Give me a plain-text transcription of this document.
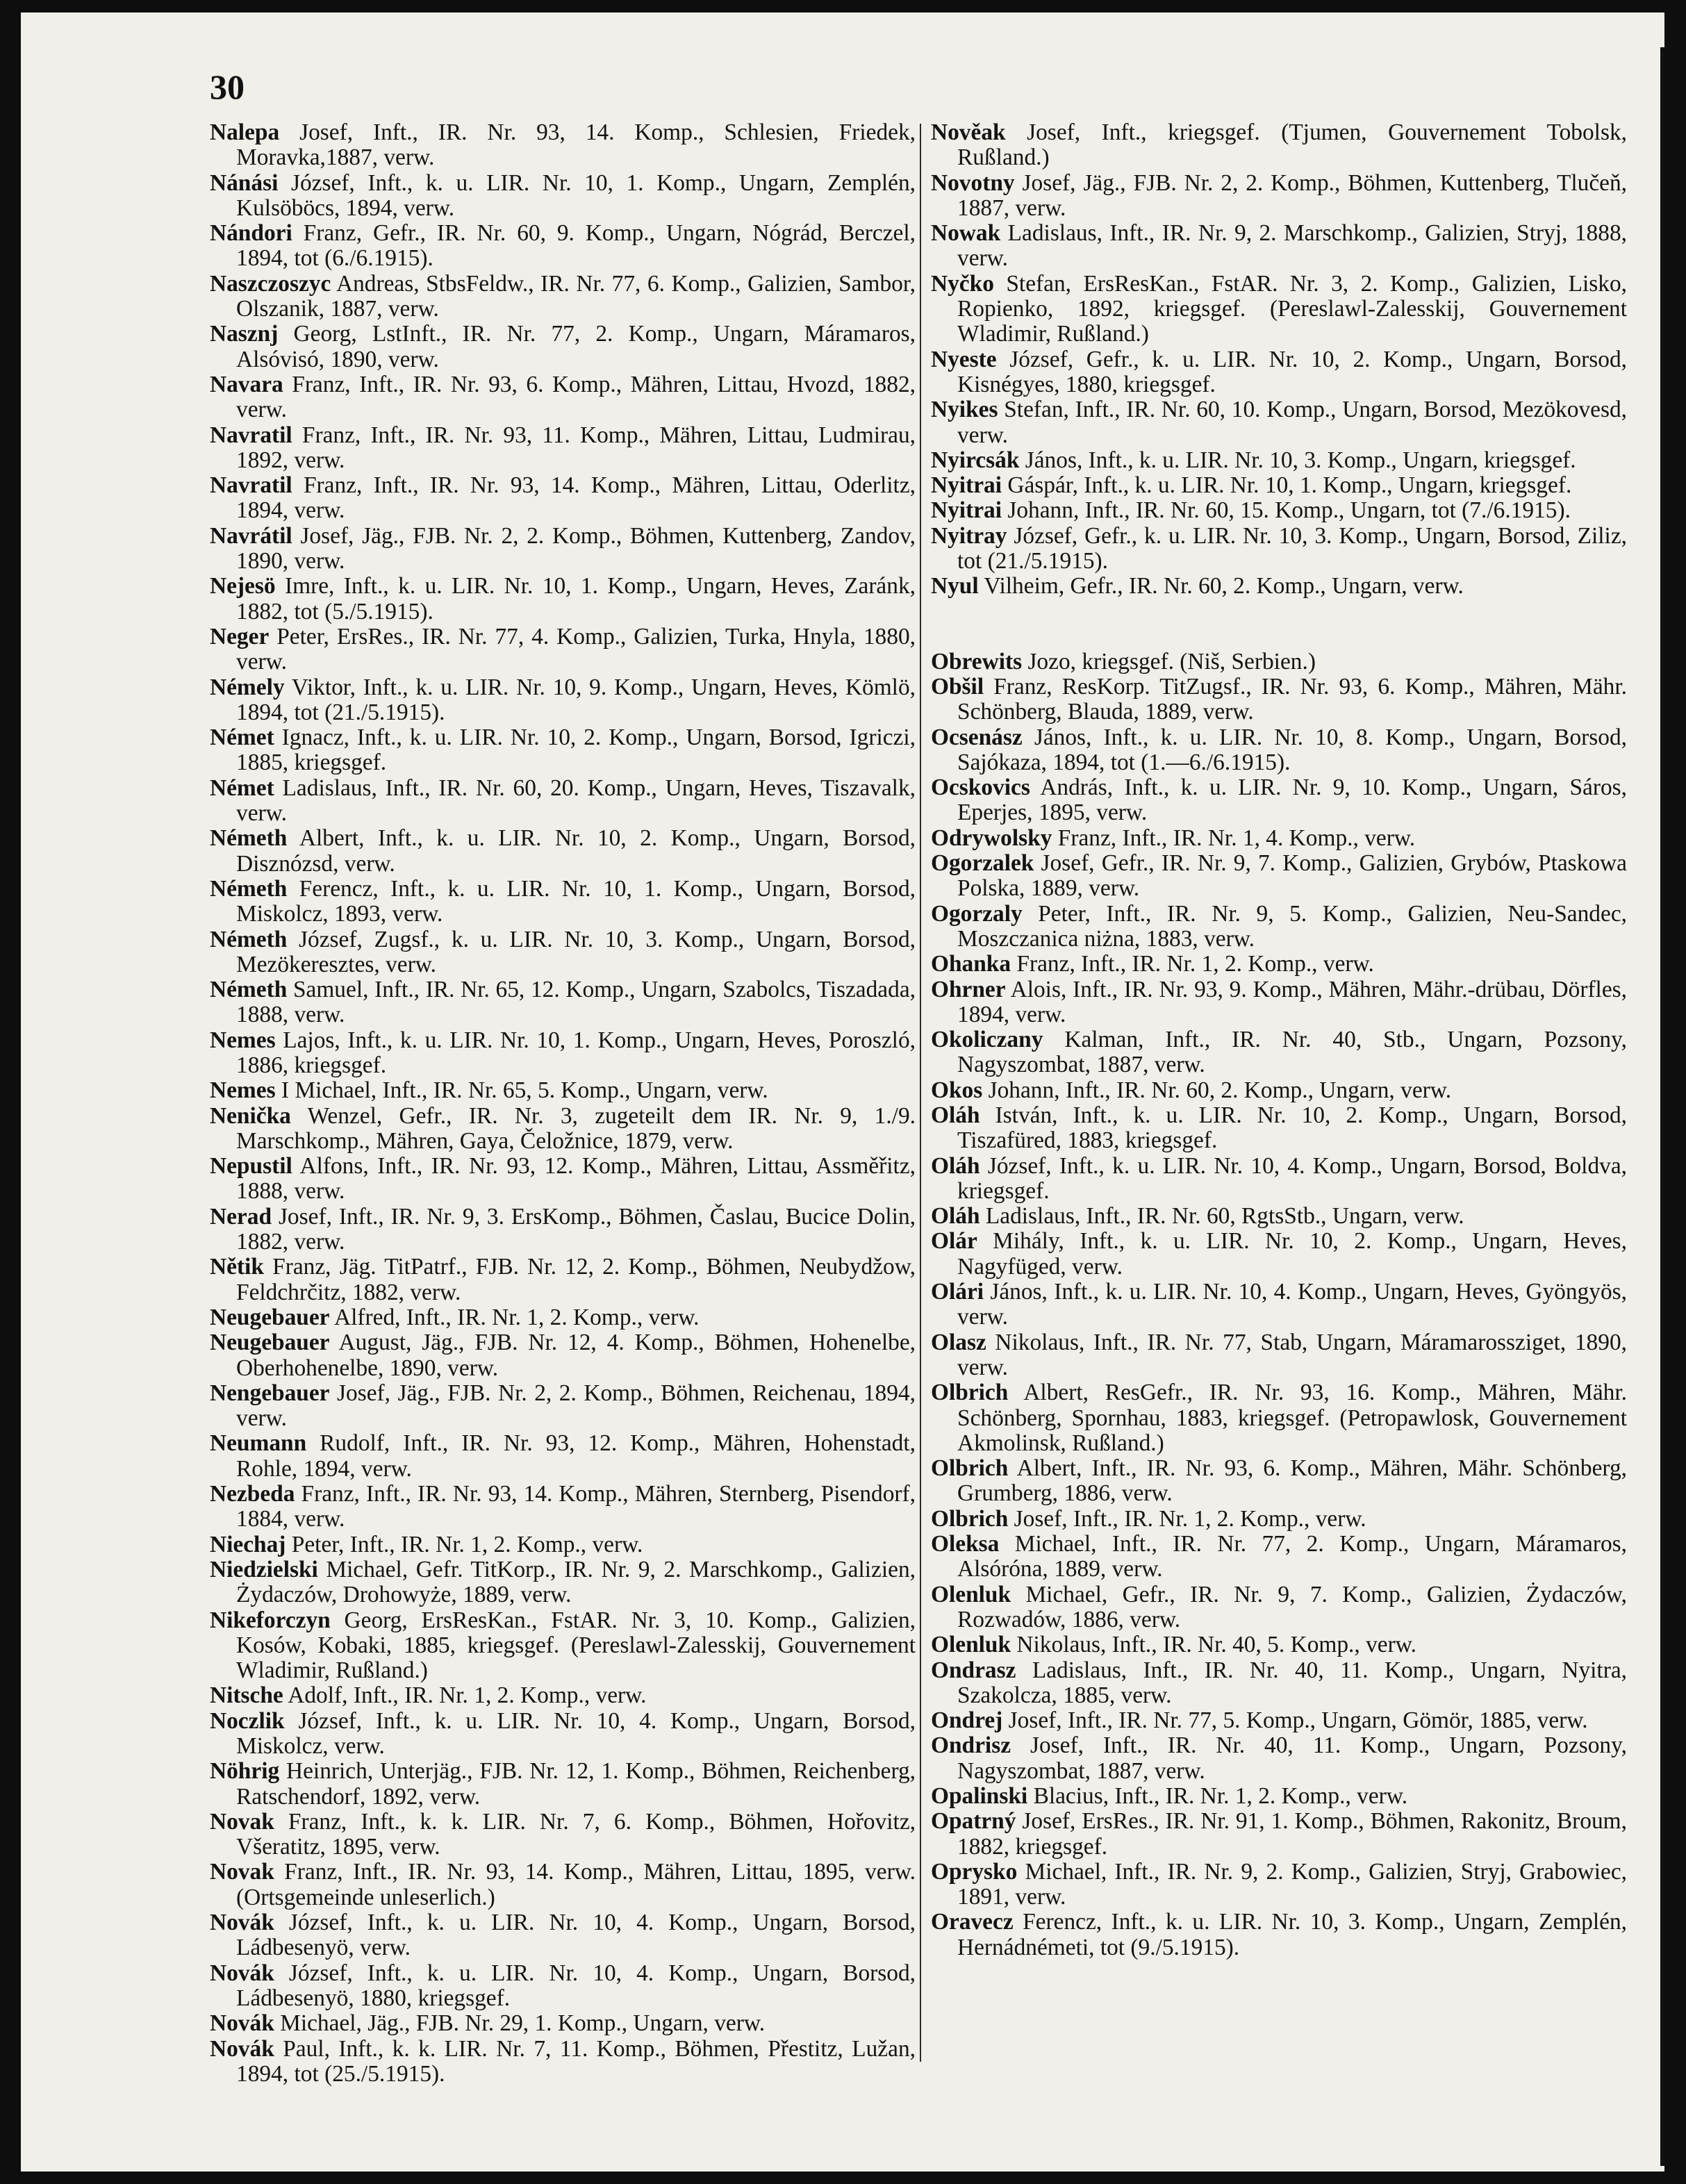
30

Nalepa Josef, Inft., IR. Nr. 93, 14. Komp., Schlesien, Friedek, Moravka,1887, verw.

Nánási József, Inft., k. u. LIR. Nr. 10, 1. Komp., Ungarn, Zemplén, Kulsöböcs, 1894, verw.

Nándori Franz, Gefr., IR. Nr. 60, 9. Komp., Ungarn, Nógrád, Berczel, 1894, tot (6./6.1915).

Naszczoszyc Andreas, StbsFeldw., IR. Nr. 77, 6. Komp., Galizien, Sambor, Olszanik, 1887, verw.

Nasznj Georg, LstInft., IR. Nr. 77, 2. Komp., Ungarn, Máramaros, Alsóvisó, 1890, verw.

Navara Franz, Inft., IR. Nr. 93, 6. Komp., Mähren, Littau, Hvozd, 1882, verw.

Navratil Franz, Inft., IR. Nr. 93, 11. Komp., Mähren, Littau, Ludmirau, 1892, verw.

Navratil Franz, Inft., IR. Nr. 93, 14. Komp., Mähren, Littau, Oderlitz, 1894, verw.

Navrátil Josef, Jäg., FJB. Nr. 2, 2. Komp., Böhmen, Kuttenberg, Zandov, 1890, verw.

Nejesö Imre, Inft., k. u. LIR. Nr. 10, 1. Komp., Ungarn, Heves, Zaránk, 1882, tot (5./5.1915).

Neger Peter, ErsRes., IR. Nr. 77, 4. Komp., Galizien, Turka, Hnyla, 1880, verw.

Némely Viktor, Inft., k. u. LIR. Nr. 10, 9. Komp., Ungarn, Heves, Kömlö, 1894, tot (21./5.1915).

Német Ignacz, Inft., k. u. LIR. Nr. 10, 2. Komp., Ungarn, Borsod, Igriczi, 1885, kriegsgef.

Német Ladislaus, Inft., IR. Nr. 60, 20. Komp., Ungarn, Heves, Tiszavalk, verw.

Németh Albert, Inft., k. u. LIR. Nr. 10, 2. Komp., Ungarn, Borsod, Disznózsd, verw.

Németh Ferencz, Inft., k. u. LIR. Nr. 10, 1. Komp., Ungarn, Borsod, Miskolcz, 1893, verw.

Németh József, Zugsf., k. u. LIR. Nr. 10, 3. Komp., Ungarn, Borsod, Mezökeresztes, verw.

Németh Samuel, Inft., IR. Nr. 65, 12. Komp., Ungarn, Szabolcs, Tiszadada, 1888, verw.

Nemes Lajos, Inft., k. u. LIR. Nr. 10, 1. Komp., Ungarn, Heves, Poroszló, 1886, kriegsgef.

Nemes I Michael, Inft., IR. Nr. 65, 5. Komp., Ungarn, verw.

Nenička Wenzel, Gefr., IR. Nr. 3, zugeteilt dem IR. Nr. 9, 1./9. Marschkomp., Mähren, Gaya, Čeložnice, 1879, verw.

Nepustil Alfons, Inft., IR. Nr. 93, 12. Komp., Mähren, Littau, Assměřitz, 1888, verw.

Nerad Josef, Inft., IR. Nr. 9, 3. ErsKomp., Böhmen, Časlau, Bucice Dolin, 1882, verw.

Nětik Franz, Jäg. TitPatrf., FJB. Nr. 12, 2. Komp., Böhmen, Neubydžow, Feldchrčitz, 1882, verw.

Neugebauer Alfred, Inft., IR. Nr. 1, 2. Komp., verw.

Neugebauer August, Jäg., FJB. Nr. 12, 4. Komp., Böhmen, Hohenelbe, Oberhohenelbe, 1890, verw.

Nengebauer Josef, Jäg., FJB. Nr. 2, 2. Komp., Böhmen, Reichenau, 1894, verw.

Neumann Rudolf, Inft., IR. Nr. 93, 12. Komp., Mähren, Hohenstadt, Rohle, 1894, verw.

Nezbeda Franz, Inft., IR. Nr. 93, 14. Komp., Mähren, Sternberg, Pisendorf, 1884, verw.

Niechaj Peter, Inft., IR. Nr. 1, 2. Komp., verw.

Niedzielski Michael, Gefr. TitKorp., IR. Nr. 9, 2. Marschkomp., Galizien, Żydaczów, Drohowyże, 1889, verw.

Nikeforczyn Georg, ErsResKan., FstAR. Nr. 3, 10. Komp., Galizien, Kosów, Kobaki, 1885, kriegsgef. (Pereslawl-Zalesskij, Gouvernement Wladimir, Rußland.)

Nitsche Adolf, Inft., IR. Nr. 1, 2. Komp., verw.

Noczlik József, Inft., k. u. LIR. Nr. 10, 4. Komp., Ungarn, Borsod, Miskolcz, verw.

Nöhrig Heinrich, Unterjäg., FJB. Nr. 12, 1. Komp., Böhmen, Reichenberg, Ratschendorf, 1892, verw.

Novak Franz, Inft., k. k. LIR. Nr. 7, 6. Komp., Böhmen, Hořovitz, Všeratitz, 1895, verw.

Novak Franz, Inft., IR. Nr. 93, 14. Komp., Mähren, Littau, 1895, verw. (Ortsgemeinde unleserlich.)

Novák József, Inft., k. u. LIR. Nr. 10, 4. Komp., Ungarn, Borsod, Ládbesenyö, verw.

Novák József, Inft., k. u. LIR. Nr. 10, 4. Komp., Ungarn, Borsod, Ládbesenyö, 1880, kriegsgef.

Novák Michael, Jäg., FJB. Nr. 29, 1. Komp., Ungarn, verw.

Novák Paul, Inft., k. k. LIR. Nr. 7, 11. Komp., Böhmen, Přestitz, Lužan, 1894, tot (25./5.1915).

Nověak Josef, Inft., kriegsgef. (Tjumen, Gouvernement Tobolsk, Rußland.)

Novotny Josef, Jäg., FJB. Nr. 2, 2. Komp., Böhmen, Kuttenberg, Tlučeň, 1887, verw.

Nowak Ladislaus, Inft., IR. Nr. 9, 2. Marschkomp., Galizien, Stryj, 1888, verw.

Nyčko Stefan, ErsResKan., FstAR. Nr. 3, 2. Komp., Galizien, Lisko, Ropienko, 1892, kriegsgef. (Pereslawl-Zalesskij, Gouvernement Wladimir, Rußland.)

Nyeste József, Gefr., k. u. LIR. Nr. 10, 2. Komp., Ungarn, Borsod, Kisnégyes, 1880, kriegsgef.

Nyikes Stefan, Inft., IR. Nr. 60, 10. Komp., Ungarn, Borsod, Mezökovesd, verw.

Nyircsák János, Inft., k. u. LIR. Nr. 10, 3. Komp., Ungarn, kriegsgef.

Nyitrai Gáspár, Inft., k. u. LIR. Nr. 10, 1. Komp., Ungarn, kriegsgef.

Nyitrai Johann, Inft., IR. Nr. 60, 15. Komp., Ungarn, tot (7./6.1915).

Nyitray József, Gefr., k. u. LIR. Nr. 10, 3. Komp., Ungarn, Borsod, Ziliz, tot (21./5.1915).

Nyul Vilheim, Gefr., IR. Nr. 60, 2. Komp., Ungarn, verw.

Obrewits Jozo, kriegsgef. (Niš, Serbien.)

Obšil Franz, ResKorp. TitZugsf., IR. Nr. 93, 6. Komp., Mähren, Mähr. Schönberg, Blauda, 1889, verw.

Ocsenász János, Inft., k. u. LIR. Nr. 10, 8. Komp., Ungarn, Borsod, Sajókaza, 1894, tot (1.—6./6.1915).

Ocskovics András, Inft., k. u. LIR. Nr. 9, 10. Komp., Ungarn, Sáros, Eperjes, 1895, verw.

Odrywolsky Franz, Inft., IR. Nr. 1, 4. Komp., verw.

Ogorzalek Josef, Gefr., IR. Nr. 9, 7. Komp., Galizien, Grybów, Ptaskowa Polska, 1889, verw.

Ogorzaly Peter, Inft., IR. Nr. 9, 5. Komp., Galizien, Neu-Sandec, Moszczanica niżna, 1883, verw.

Ohanka Franz, Inft., IR. Nr. 1, 2. Komp., verw.

Ohrner Alois, Inft., IR. Nr. 93, 9. Komp., Mähren, Mähr.-drübau, Dörfles, 1894, verw.

Okoliczany Kalman, Inft., IR. Nr. 40, Stb., Ungarn, Pozsony, Nagyszombat, 1887, verw.

Okos Johann, Inft., IR. Nr. 60, 2. Komp., Ungarn, verw.

Oláh István, Inft., k. u. LIR. Nr. 10, 2. Komp., Ungarn, Borsod, Tiszafüred, 1883, kriegsgef.

Oláh József, Inft., k. u. LIR. Nr. 10, 4. Komp., Ungarn, Borsod, Boldva, kriegsgef.

Oláh Ladislaus, Inft., IR. Nr. 60, RgtsStb., Ungarn, verw.

Olár Mihály, Inft., k. u. LIR. Nr. 10, 2. Komp., Ungarn, Heves, Nagyfüged, verw.

Olári János, Inft., k. u. LIR. Nr. 10, 4. Komp., Ungarn, Heves, Gyöngyös, verw.

Olasz Nikolaus, Inft., IR. Nr. 77, Stab, Ungarn, Máramarossziget, 1890, verw.

Olbrich Albert, ResGefr., IR. Nr. 93, 16. Komp., Mähren, Mähr. Schönberg, Spornhau, 1883, kriegsgef. (Petropawlosk, Gouvernement Akmolinsk, Rußland.)

Olbrich Albert, Inft., IR. Nr. 93, 6. Komp., Mähren, Mähr. Schönberg, Grumberg, 1886, verw.

Olbrich Josef, Inft., IR. Nr. 1, 2. Komp., verw.

Oleksa Michael, Inft., IR. Nr. 77, 2. Komp., Ungarn, Máramaros, Alsóróna, 1889, verw.

Olenluk Michael, Gefr., IR. Nr. 9, 7. Komp., Galizien, Żydaczów, Rozwadów, 1886, verw.

Olenluk Nikolaus, Inft., IR. Nr. 40, 5. Komp., verw.

Ondrasz Ladislaus, Inft., IR. Nr. 40, 11. Komp., Ungarn, Nyitra, Szakolcza, 1885, verw.

Ondrej Josef, Inft., IR. Nr. 77, 5. Komp., Ungarn, Gömör, 1885, verw.

Ondrisz Josef, Inft., IR. Nr. 40, 11. Komp., Ungarn, Pozsony, Nagyszombat, 1887, verw.

Opalinski Blacius, Inft., IR. Nr. 1, 2. Komp., verw.

Opatrný Josef, ErsRes., IR. Nr. 91, 1. Komp., Böhmen, Rakonitz, Broum, 1882, kriegsgef.

Oprysko Michael, Inft., IR. Nr. 9, 2. Komp., Galizien, Stryj, Grabowiec, 1891, verw.

Oravecz Ferencz, Inft., k. u. LIR. Nr. 10, 3. Komp., Ungarn, Zemplén, Hernádnémeti, tot (9./5.1915).
